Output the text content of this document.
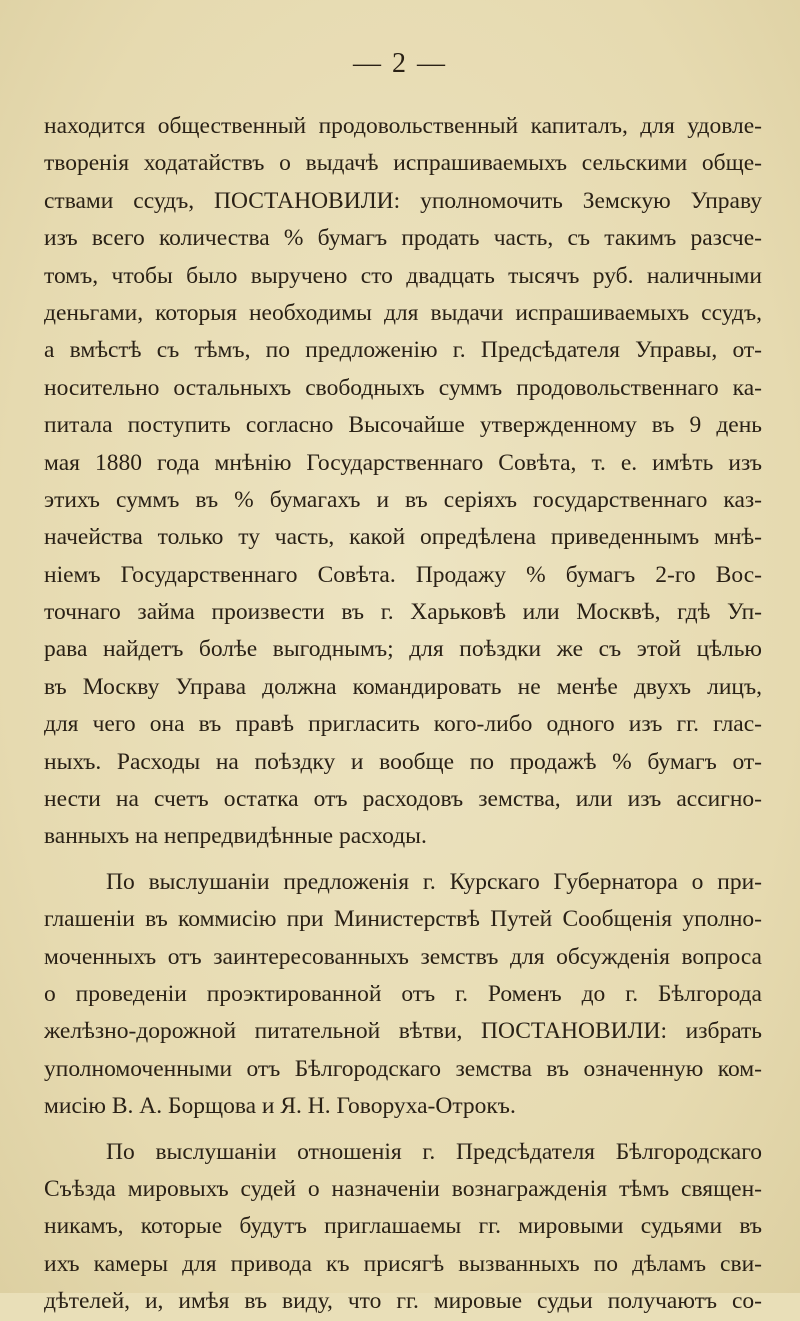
— 2 —
находится общественный продовольственный капиталъ, для удовле-
творенія ходатайствъ о выдачѣ испрашиваемыхъ сельскими обще-
ствами ссудъ, ПОСТАНОВИЛИ: уполномочить Земскую Управу
изъ всего количества % бумагъ продать часть, съ такимъ разсче-
томъ, чтобы было выручено сто двадцать тысячъ руб. наличными
деньгами, которыя необходимы для выдачи испрашиваемыхъ ссудъ,
а вмѣстѣ съ тѣмъ, по предложенію г. Предсѣдателя Управы, от-
носительно остальныхъ свободныхъ суммъ продовольственнаго ка-
питала поступить согласно Высочайше утвержденному въ 9 день
мая 1880 года мнѣнію Государственнаго Совѣта, т. е. имѣть изъ
этихъ суммъ въ % бумагахъ и въ серіяхъ государственнаго каз-
начейства только ту часть, какой опредѣлена приведеннымъ мнѣ-
ніемъ Государственнаго Совѣта. Продажу % бумагъ 2-го Вос-
точнаго займа произвести въ г. Харьковѣ или Москвѣ, гдѣ Уп-
рава найдетъ болѣе выгоднымъ; для поѣздки же съ этой цѣлью
въ Москву Управа должна командировать не менѣе двухъ лицъ,
для чего она въ правѣ пригласить кого-либо одного изъ гг. глас-
ныхъ. Расходы на поѣздку и вообще по продажѣ % бумагъ от-
нести на счетъ остатка отъ расходовъ земства, или изъ ассигно-
ванныхъ на непредвидѣнные расходы.
По выслушаніи предложенія г. Курскаго Губернатора о при-
глашеніи въ коммисію при Министерствѣ Путей Сообщенія уполно-
моченныхъ отъ заинтересованныхъ земствъ для обсужденія вопроса
о проведеніи проэктированной отъ г. Роменъ до г. Бѣлгорода
желѣзно-дорожной питательной вѣтви, ПОСТАНОВИЛИ: избрать
уполномоченными отъ Бѣлгородскаго земства въ означенную ком-
мисію В. А. Борщова и Я. Н. Говоруха-Отрокъ.
По выслушаніи отношенія г. Предсѣдателя Бѣлгородскаго
Съѣзда мировыхъ судей о назначеніи вознагражденія тѣмъ священ-
никамъ, которые будутъ приглашаемы гг. мировыми судьями въ
ихъ камеры для привода къ присягѣ вызванныхъ по дѣламъ сви-
дѣтелей, и, имѣя въ виду, что гг. мировые судьи получаютъ со-
